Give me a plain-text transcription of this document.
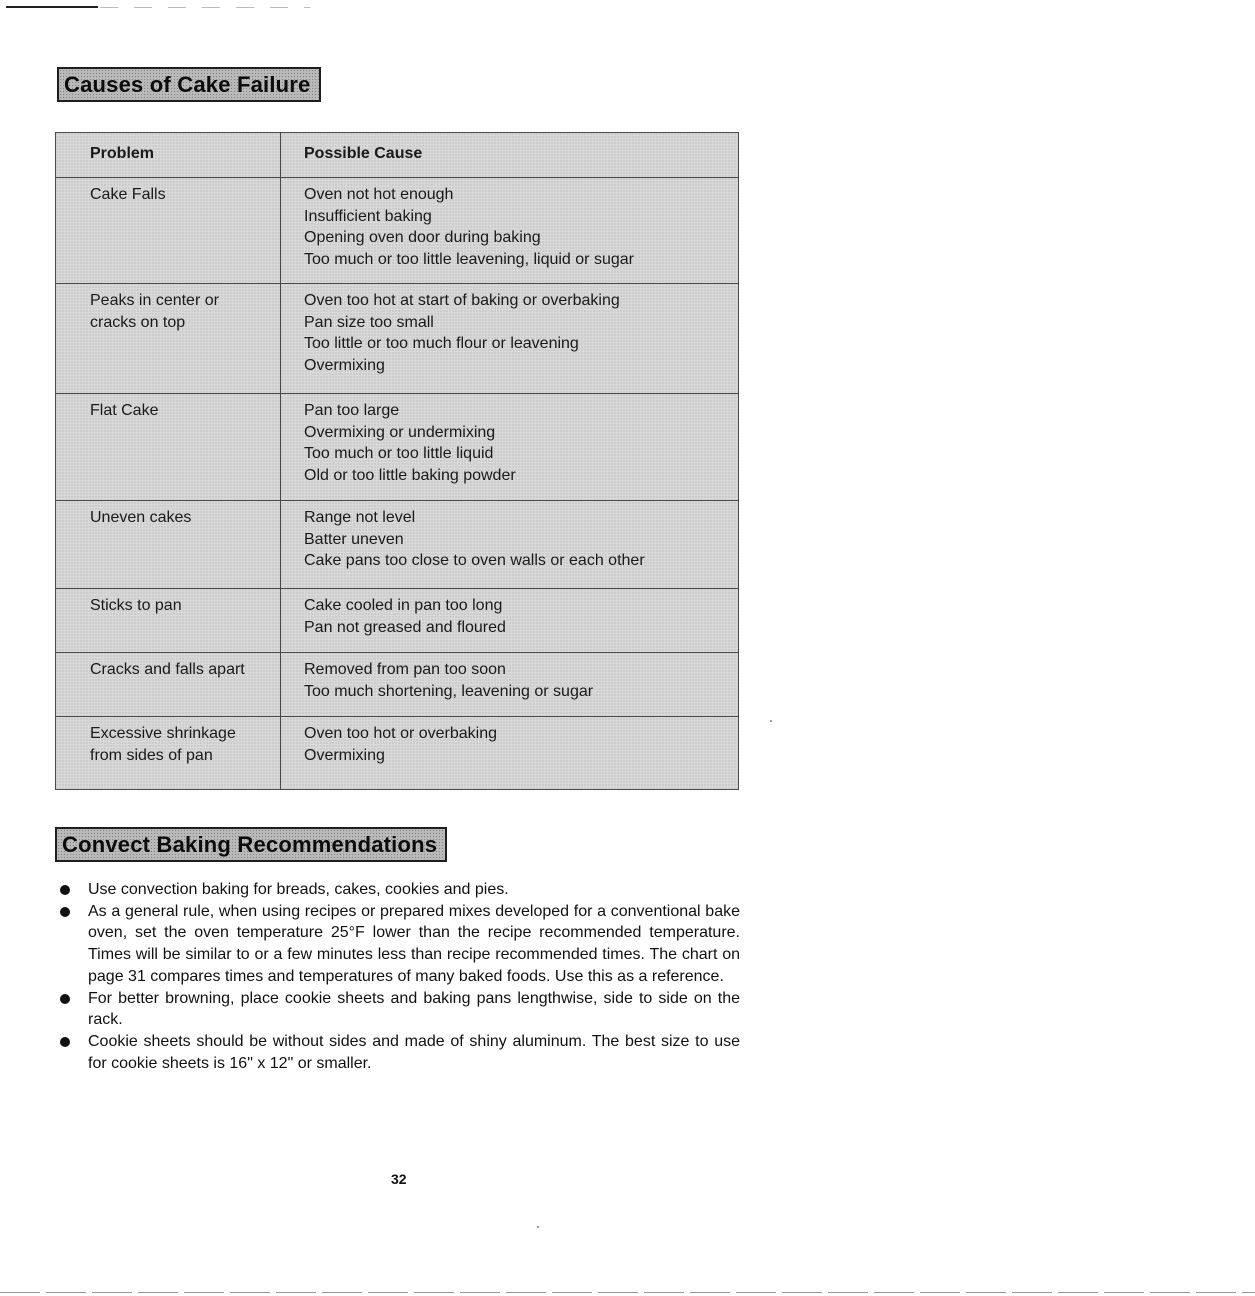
Causes of Cake Failure
Problem	Possible Cause

Cake Falls	Oven not hot enough
Insufficient baking
Opening oven door during baking
Too much or too little leavening, liquid or sugar

Peaks in center or
cracks on top	Oven too hot at start of baking or overbaking
Pan size too small
Too little or too much flour or leavening
Overmixing

Flat Cake	Pan too large
Overmixing or undermixing
Too much or too little liquid
Old or too little baking powder

Uneven cakes	Range not level
Batter uneven
Cake pans too close to oven walls or each other

Sticks to pan	Cake cooled in pan too long
Pan not greased and floured

Cracks and falls apart	Removed from pan too soon
Too much shortening, leavening or sugar

Excessive shrinkage
from sides of pan	Oven too hot or overbaking
Overmixing
Convect Baking Recommendations
Use convection baking for breads, cakes, cookies and pies.
As a general rule, when using recipes or prepared mixes developed for a conventional bake oven, set the oven temperature 25°F lower than the recipe recommended temperature. Times will be similar to or a few minutes less than recipe recommended times. The chart on page 31 compares times and temperatures of many baked foods. Use this as a reference.
For better browning, place cookie sheets and baking pans lengthwise, side to side on the rack.
Cookie sheets should be without sides and made of shiny aluminum. The best size to use for cookie sheets is 16" x 12" or smaller.
32
